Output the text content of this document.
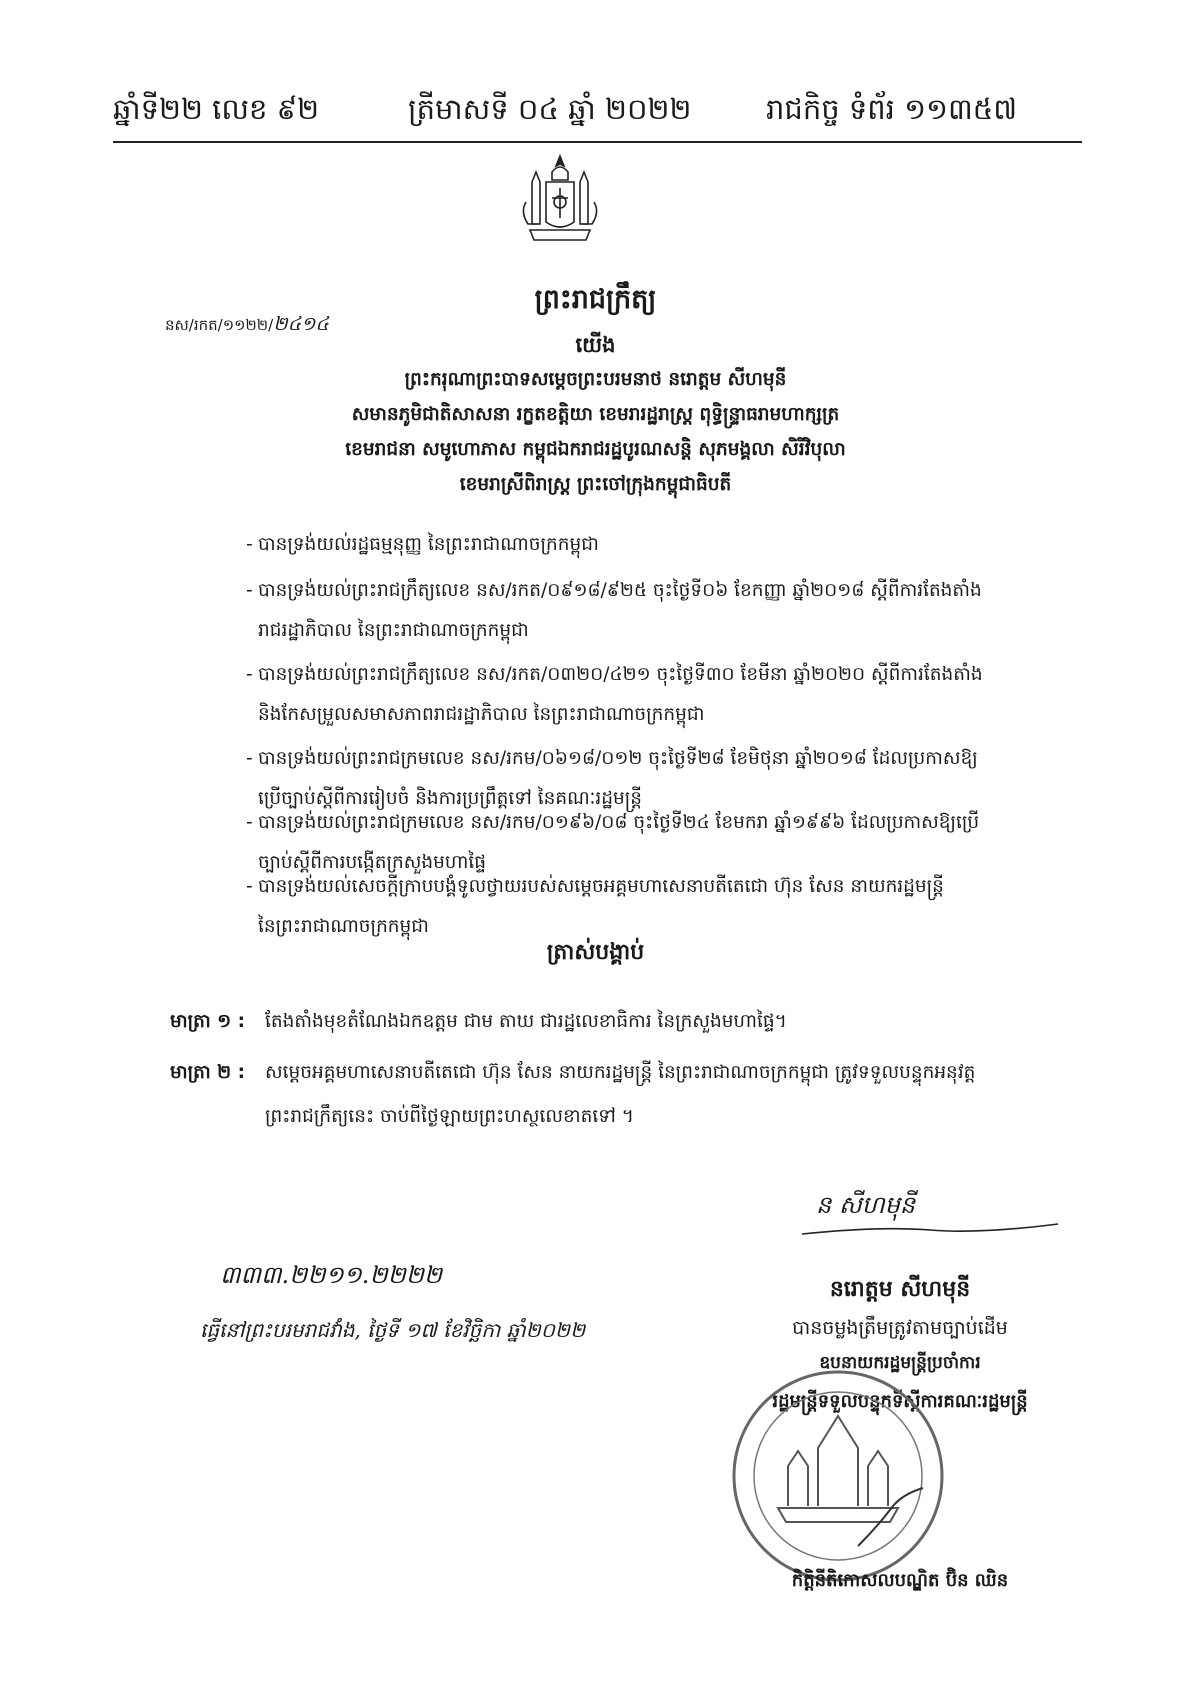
ឆ្នាំទី២២ លេខ ៩២	ត្រីមាសទី ០៤ ឆ្នាំ ២០២២	រាជកិច្ច ទំព័រ ១១៣៥៧
ព្រះរាជក្រឹត្យ
នស/រកត/១១២២/២៤១៤
យើង
ព្រះករុណាព្រះបាទសម្តេចព្រះបរមនាថ នរោត្តម សីហមុនី
សមានភូមិជាតិសាសនា រក្ខតខត្តិយា ខេមរារដ្ឋរាស្ត្រ ពុទ្ធិន្ទ្រាធរាមហាក្សត្រ
ខេមរាជនា សមូហោភាស កម្ពុជឯករាជរដ្ឋបូរណសន្តិ សុភមង្គលា សិរីវិបុលា
ខេមរាស្រីពិរាស្ត្រ ព្រះចៅក្រុងកម្ពុជាធិបតី
- បានទ្រង់យល់រដ្ឋធម្មនុញ្ញ នៃព្រះរាជាណាចក្រកម្ពុជា
- បានទ្រង់យល់ព្រះរាជក្រឹត្យលេខ នស/រកត/០៩១៨/៩២៥ ចុះថ្ងៃទី០៦ ខែកញ្ញា ឆ្នាំ២០១៨ ស្តីពីការតែងតាំង
រាជរដ្ឋាភិបាល នៃព្រះរាជាណាចក្រកម្ពុជា
- បានទ្រង់យល់ព្រះរាជក្រឹត្យលេខ នស/រកត/០៣២០/៤២១ ចុះថ្ងៃទី៣០ ខែមីនា ឆ្នាំ២០២០ ស្តីពីការតែងតាំង
និងកែសម្រួលសមាសភាពរាជរដ្ឋាភិបាល នៃព្រះរាជាណាចក្រកម្ពុជា
- បានទ្រង់យល់ព្រះរាជក្រមលេខ នស/រកម/០៦១៨/០១២ ចុះថ្ងៃទី២៨ ខែមិថុនា ឆ្នាំ២០១៨ ដែលប្រកាសឱ្យ
ប្រើច្បាប់ស្តីពីការរៀបចំ និងការប្រព្រឹត្តទៅ នៃគណៈរដ្ឋមន្ត្រី
- បានទ្រង់យល់ព្រះរាជក្រមលេខ នស/រកម/០១៩៦/០៨ ចុះថ្ងៃទី២៤ ខែមករា ឆ្នាំ១៩៩៦ ដែលប្រកាសឱ្យប្រើ
ច្បាប់ស្តីពីការបង្កើតក្រសួងមហាផ្ទៃ
- បានទ្រង់យល់សេចក្តីក្រាបបង្គំទូលថ្វាយរបស់សម្តេចអគ្គមហាសេនាបតីតេជោ ហ៊ុន សែន នាយករដ្ឋមន្ត្រី
នៃព្រះរាជាណាចក្រកម្ពុជា
ត្រាស់បង្គាប់
មាត្រា ១ : តែងតាំងមុខតំណែងឯកឧត្តម ជាម តាឃ ជារដ្ឋលេខាធិការ នៃក្រសួងមហាផ្ទៃ។
មាត្រា ២ : សម្តេចអគ្គមហាសេនាបតីតេជោ ហ៊ុន សែន នាយករដ្ឋមន្ត្រី នៃព្រះរាជាណាចក្រកម្ពុជា ត្រូវទទួលបន្ទុកអនុវត្ត
ព្រះរាជក្រឹត្យនេះ ចាប់ពីថ្ងៃឡាយព្រះហស្ថលេខាតទៅ ។
ន សីហមុនី
៣៣៣.២២១១.២២២២
ធ្វើនៅព្រះបរមរាជវាំង, ថ្ងៃទី ១៧ ខែវិច្ឆិកា ឆ្នាំ២០២២
នរោត្តម សីហមុនី
បានចម្លងត្រឹមត្រូវតាមច្បាប់ដើម
ឧបនាយករដ្ឋមន្ត្រីប្រចាំការ
រដ្ឋមន្ត្រីទទួលបន្ទុកទីស្តីការគណៈរដ្ឋមន្ត្រី
កិត្តិនីតិកោសលបណ្ឌិត ប៊ិន ឈិន
